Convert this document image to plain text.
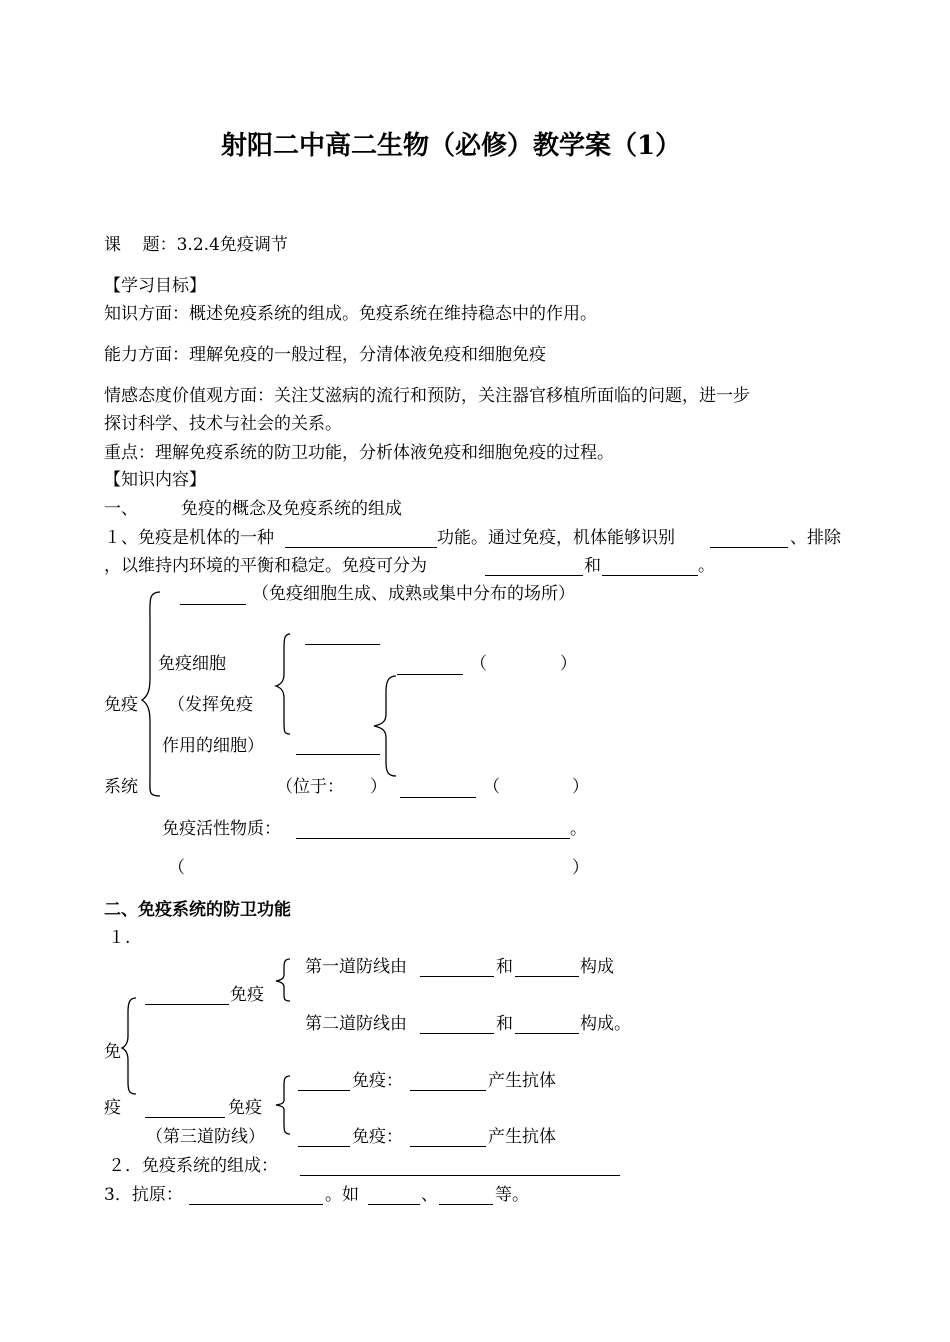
射阳二中高二生物（必修）教学案（1）
课    题：3.2.4免疫调节
【学习目标】
知识方面：概述免疫系统的组成。免疫系统在维持稳态中的作用。
能力方面：理解免疫的一般过程，分清体液免疫和细胞免疫
情感态度价值观方面：关注艾滋病的流行和预防，关注器官移植所面临的问题，进一步
探讨科学、技术与社会的关系。
重点：理解免疫系统的防卫功能，分析体液免疫和细胞免疫的过程。
【知识内容】
一、	免疫的概念及免疫系统的组成
１、免疫是机体的一种	功能。通过免疫，机体能够识别	、排除
，以维持内环境的平衡和稳定。免疫可分为	和	。
（免疫细胞生成、成熟或集中分布的场所）
免疫
系统
免疫细胞
（发挥免疫
作用的细胞）
（	）
（位于： ）	（	）
免疫活性物质：	。
（	）
二、免疫系统的防卫功能
１.
免
疫
免疫
第一道防线由	和	构成
第二道防线由	和	构成。
免疫
（第三道防线）
免疫：	产生抗体
免疫：	产生抗体
２．免疫系统的组成：
3．抗原：	。如	、	等。
